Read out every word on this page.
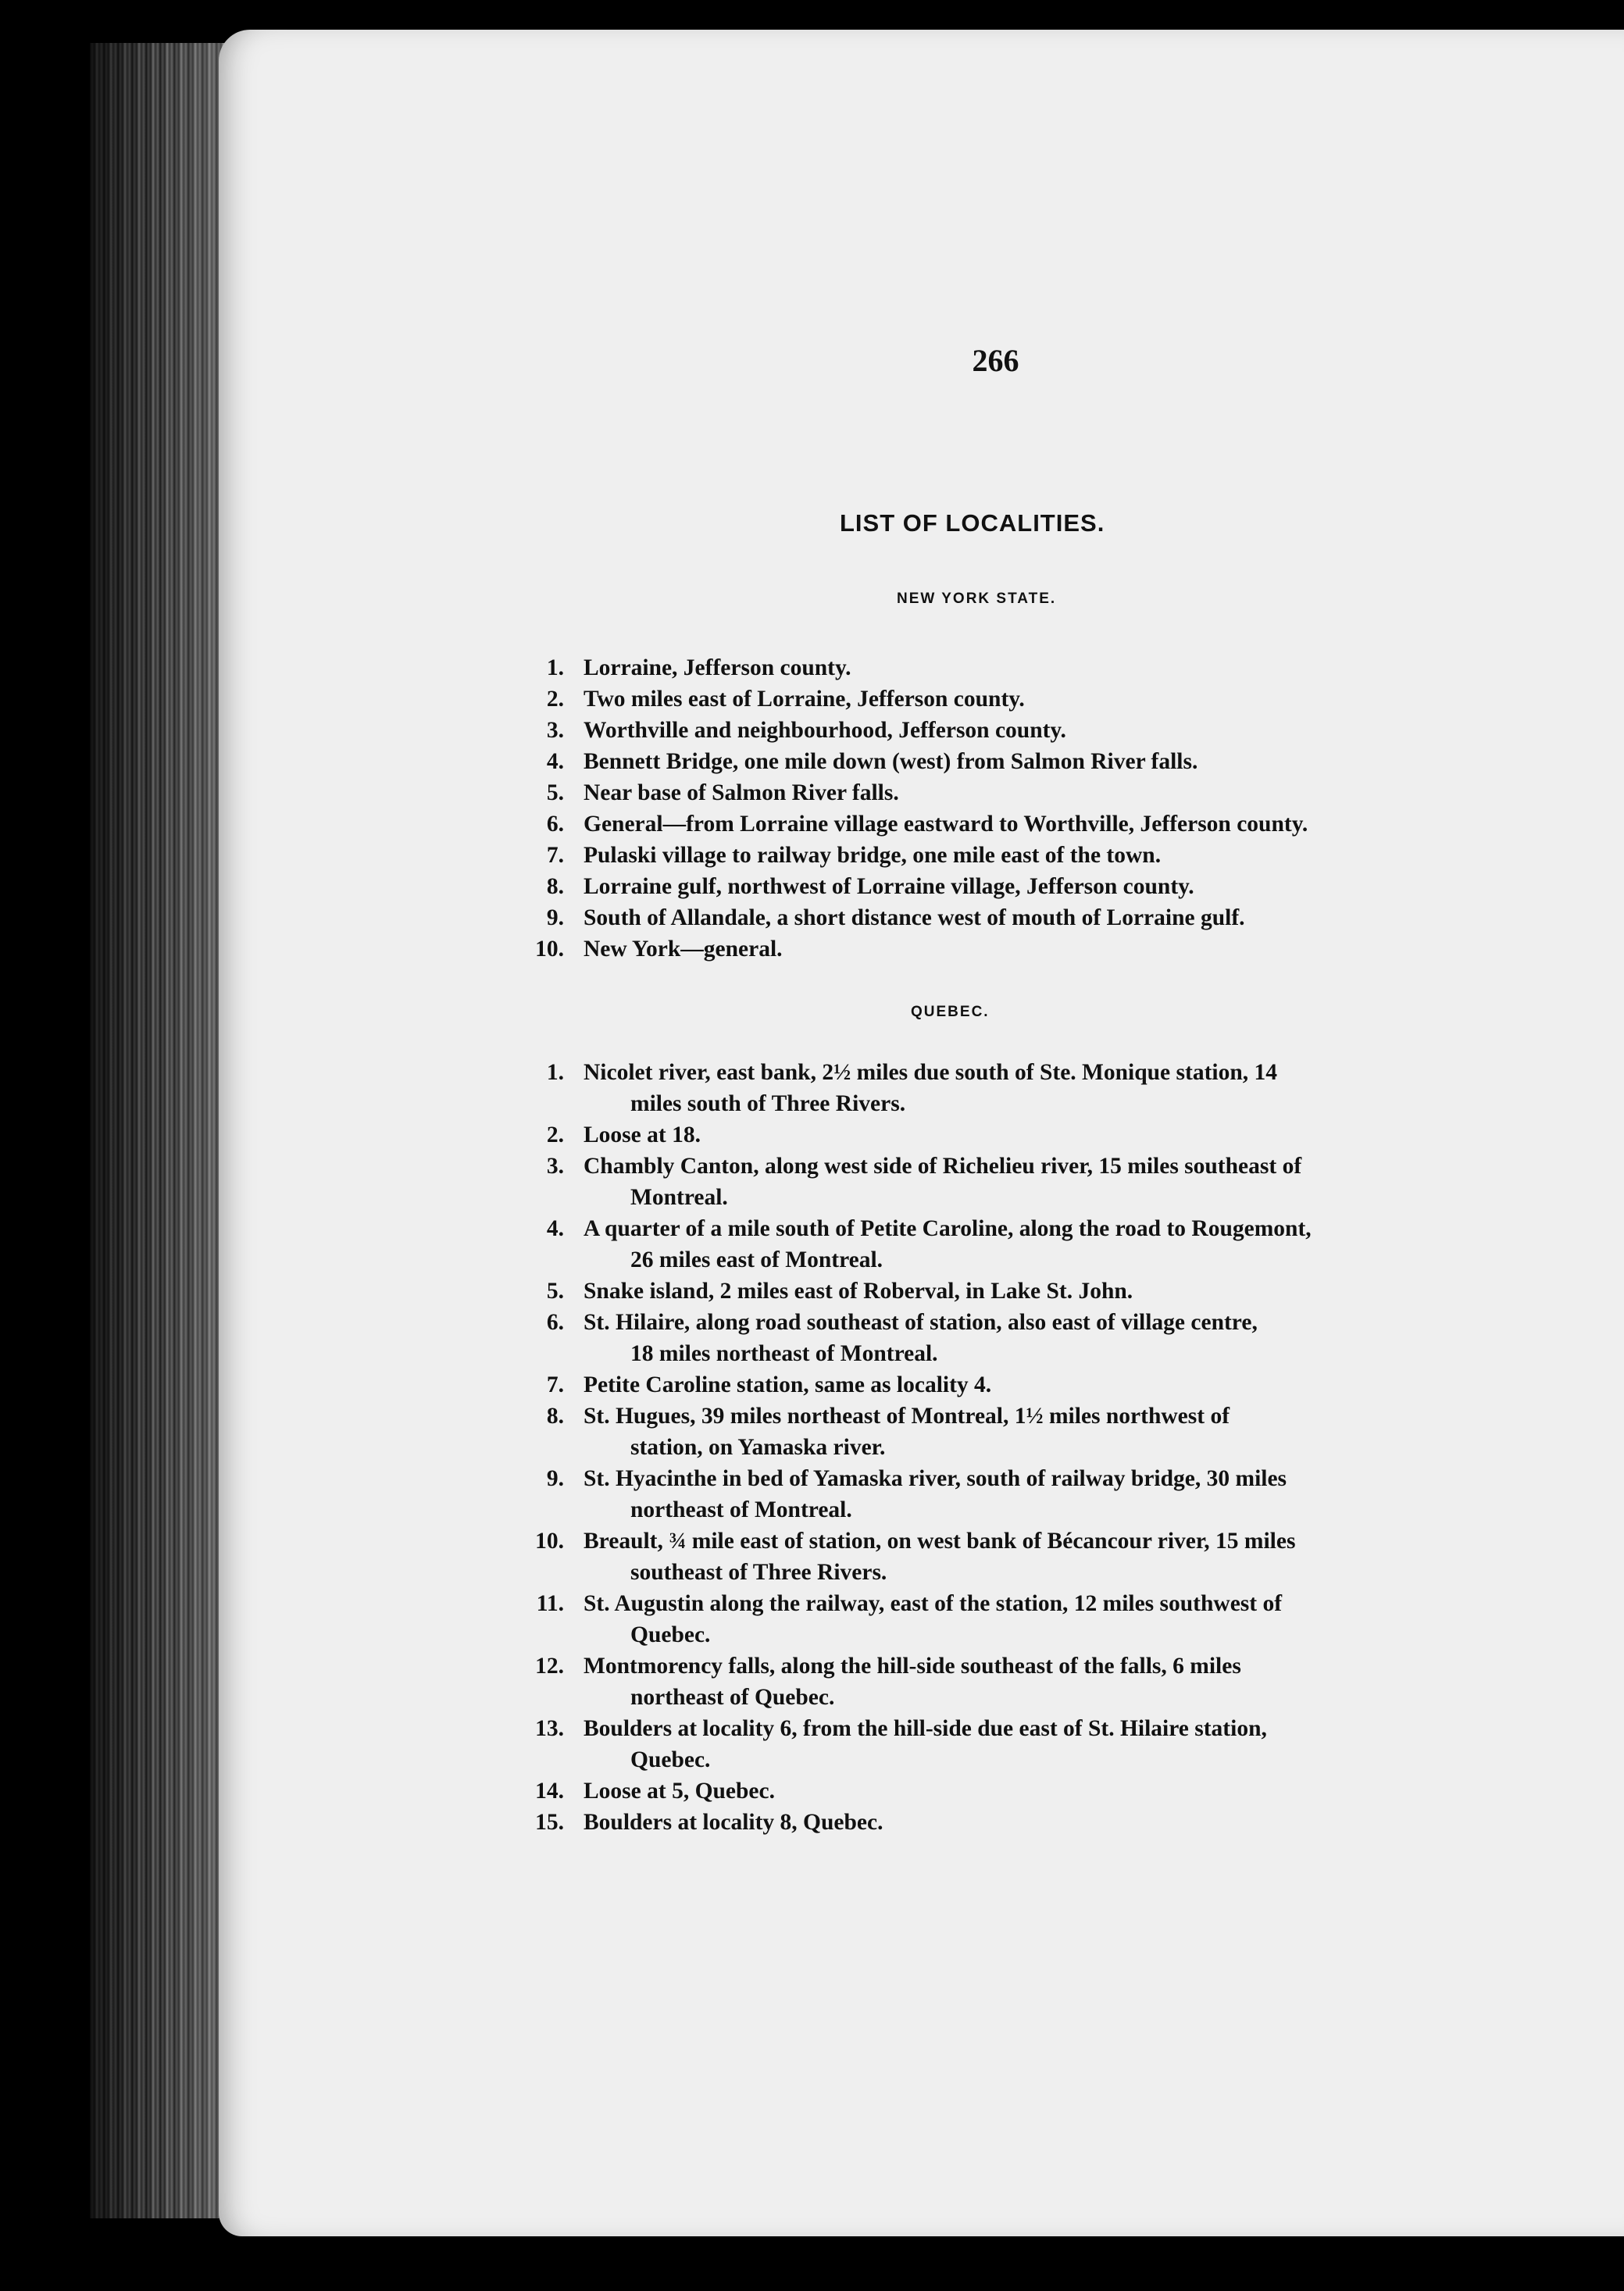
266
LIST OF LOCALITIES.
NEW YORK STATE.
1. Lorraine, Jefferson county.
2. Two miles east of Lorraine, Jefferson county.
3. Worthville and neighbourhood, Jefferson county.
4. Bennett Bridge, one mile down (west) from Salmon River falls.
5. Near base of Salmon River falls.
6. General—from Lorraine village eastward to Worthville, Jefferson county.
7. Pulaski village to railway bridge, one mile east of the town.
8. Lorraine gulf, northwest of Lorraine village, Jefferson county.
9. South of Allandale, a short distance west of mouth of Lorraine gulf.
10. New York—general.
QUEBEC.
1. Nicolet river, east bank, 2½ miles due south of Ste. Monique station, 14
miles south of Three Rivers.
2. Loose at 18.
3. Chambly Canton, along west side of Richelieu river, 15 miles southeast of
Montreal.
4. A quarter of a mile south of Petite Caroline, along the road to Rougemont,
26 miles east of Montreal.
5. Snake island, 2 miles east of Roberval, in Lake St. John.
6. St. Hilaire, along road southeast of station, also east of village centre,
18 miles northeast of Montreal.
7. Petite Caroline station, same as locality 4.
8. St. Hugues, 39 miles northeast of Montreal, 1½ miles northwest of
station, on Yamaska river.
9. St. Hyacinthe in bed of Yamaska river, south of railway bridge, 30 miles
northeast of Montreal.
10. Breault, ¾ mile east of station, on west bank of Bécancour river, 15 miles
southeast of Three Rivers.
11. St. Augustin along the railway, east of the station, 12 miles southwest of
Quebec.
12. Montmorency falls, along the hill-side southeast of the falls, 6 miles
northeast of Quebec.
13. Boulders at locality 6, from the hill-side due east of St. Hilaire station,
Quebec.
14. Loose at 5, Quebec.
15. Boulders at locality 8, Quebec.
